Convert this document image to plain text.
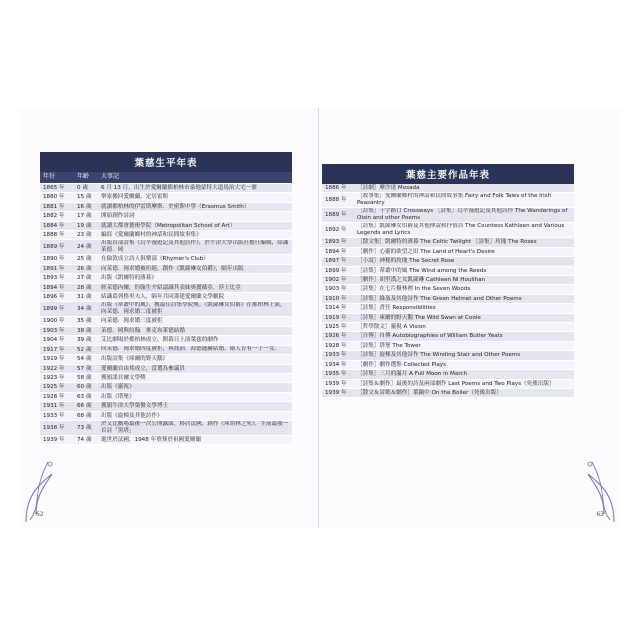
葉慈生平年表		
年份	年齡	大事記
1865 年	0 歲	6 月 13 日，出生於愛爾蘭都柏林市桑地蒙特大道馬治大宅一號
1880 年	15 歲	舉家搬回愛爾蘭，定居霍斯
1881 年	16 歲	就讀都柏林的伊雷斯摩斯．史密斯中學（Erasmus Smith）
1882 年	17 歲	開始創作詩詞
1884 年	19 歲	就讀大都會藝術學院（Metropolitan School of Art）
1888 年	23 歲	編寫《愛爾蘭鄉村的神話和民間故事集》
1889 年	24 歲	出版首部詩集《烏辛漫遊記及其他詩作》，於牛津大學出版社擔任編輯，結識茉德．岡
1890 年	25 歲	在倫敦成立詩人俱樂部（Rhymer's Club）
1891 年	26 歲	向茉德．岡求婚被拒絕，創作《凱薩琳女伯爵》，隔年出版
1893 年	27 歲	出版《凱爾特的薄暮》
1894 年	28 歲	經茉德內爾，約翰生介紹認識其表妹奧麗薇亞．莎士比亞
1896 年	31 歲	結識葛列格里夫人，隔年共同籌建愛爾蘭文學劇院
1899 年	34 歲	出版《葦叢中的風》，獲最佳詩集學院獎。《凱薩琳女伯爵》在都柏林上演，向茉德．岡求婚二度被拒
1900 年	35 歲	向茉德．岡求婚三度被拒
1903 年	38 歲	茉德．岡與約翰．麥克布萊德結婚
1904 年	39 歲	艾比劇場於都柏林成立，開幕日上演葉慈的劇作
1917 年	52 歲	向茉德．岡求婚四度被拒，與喬治．海德麗赫結婚，兩人育有一子一女。
1919 年	54 歲	出版詩集《庫爾的野天鵝》
1922 年	57 歲	愛爾蘭自由邦成立，當選為參議員
1923 年	58 歲	獲頒諾貝爾文學獎
1925 年	60 歲	出版《靈視》
1928 年	63 歲	出版《塔堡》
1931 年	66 歲	獲頒牛津大學榮譽文學博士
1933 年	68 歲	出版《旋梯及其他詩作》
1938 年	73 歲	於艾比劇場最後一次公開露面，移居法國，創作《庫胡林之死》，生前最後一首詩「黑塔」
1939 年	74 歲	逝世於法國，1948 年重葬於祖國愛爾蘭
62
葉慈主要作品年表	
1886 年	［詩劇］摩沙達 Mosada
1888 年	［故事集］愛爾蘭鄉村的神話和民間故事集 Fairy and Folk Tales of the Irish Peasantry
1889 年	［詩集］十字路口 Crossways ［詩集］烏辛漫遊記及其他詩作 The Wanderings of Oisin and other Poems
1892 年	［詩集］凱薩琳女伯爵及其他傳說和抒情詩 The Countess Kathleen and Various Legends and Lyrics
1893 年	［散文集］凱爾特的薄暮 The Celtic Twilight ［詩集］玫瑰 The Roses
1894 年	［劇作］心靈的欲望之田 The Land of Heart's Desire
1897 年	［小說］神秘的玫瑰 The Secret Rose
1899 年	［詩集］葦叢中的風 The Wind among the Reeds
1902 年	［劇作］胡里漢之女凱薩琳 Cathleen Ni Houlihan
1903 年	［詩集］在七片樹林裡 In the Seven Woods
1910 年	［詩集］綠盔及其他詩作 The Green Helmet and Other Poems
1914 年	［詩集］責任 Responsibilities
1919 年	［詩集］庫爾的野天鵝 The Wild Swan at Coole
1925 年	［哲學散文］靈視 A Vision
1926 年	［自傳］自傳 Autobiographies of William Butler Yeats
1928 年	［詩集］塔堡 The Tower
1933 年	［詩集］旋梯及其他詩作 The Winding Stair and Other Poems
1934 年	［劇作］劇作選集 Collected Plays
1935 年	［詩集］三月的滿月 A Full Moon in March
1939 年	［詩集＆劇作］最後的詩及兩部劇作 Last Poems and Two Plays（死後出版）
1939 年	［散文＆詩歌＆劇作］葉鍋中 On the Boiler（死後出版）
63
